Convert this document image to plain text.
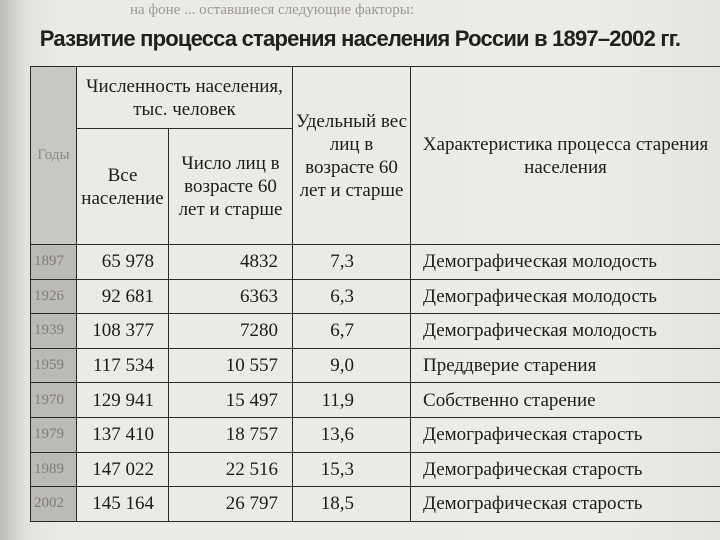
на фоне ... оставшиеся следующие факторы:
Развитие процесса старения населения России в 1897–2002 гг.
Годы	Численность населения, тыс. человек		Удельный вес лиц в возрасте 60 лет и старше	Характеристика процесса старения населения
	Все население	Число лиц в возрасте 60 лет и старше		
1897	65 978	4832	7,3	Демографическая молодость
1926	92 681	6363	6,3	Демографическая молодость
1939	108 377	7280	6,7	Демографическая молодость
1959	117 534	10 557	9,0	Преддверие старения
1970	129 941	15 497	11,9	Собственно старение
1979	137 410	18 757	13,6	Демографическая старость
1989	147 022	22 516	15,3	Демографическая старость
2002	145 164	26 797	18,5	Демографическая старость
